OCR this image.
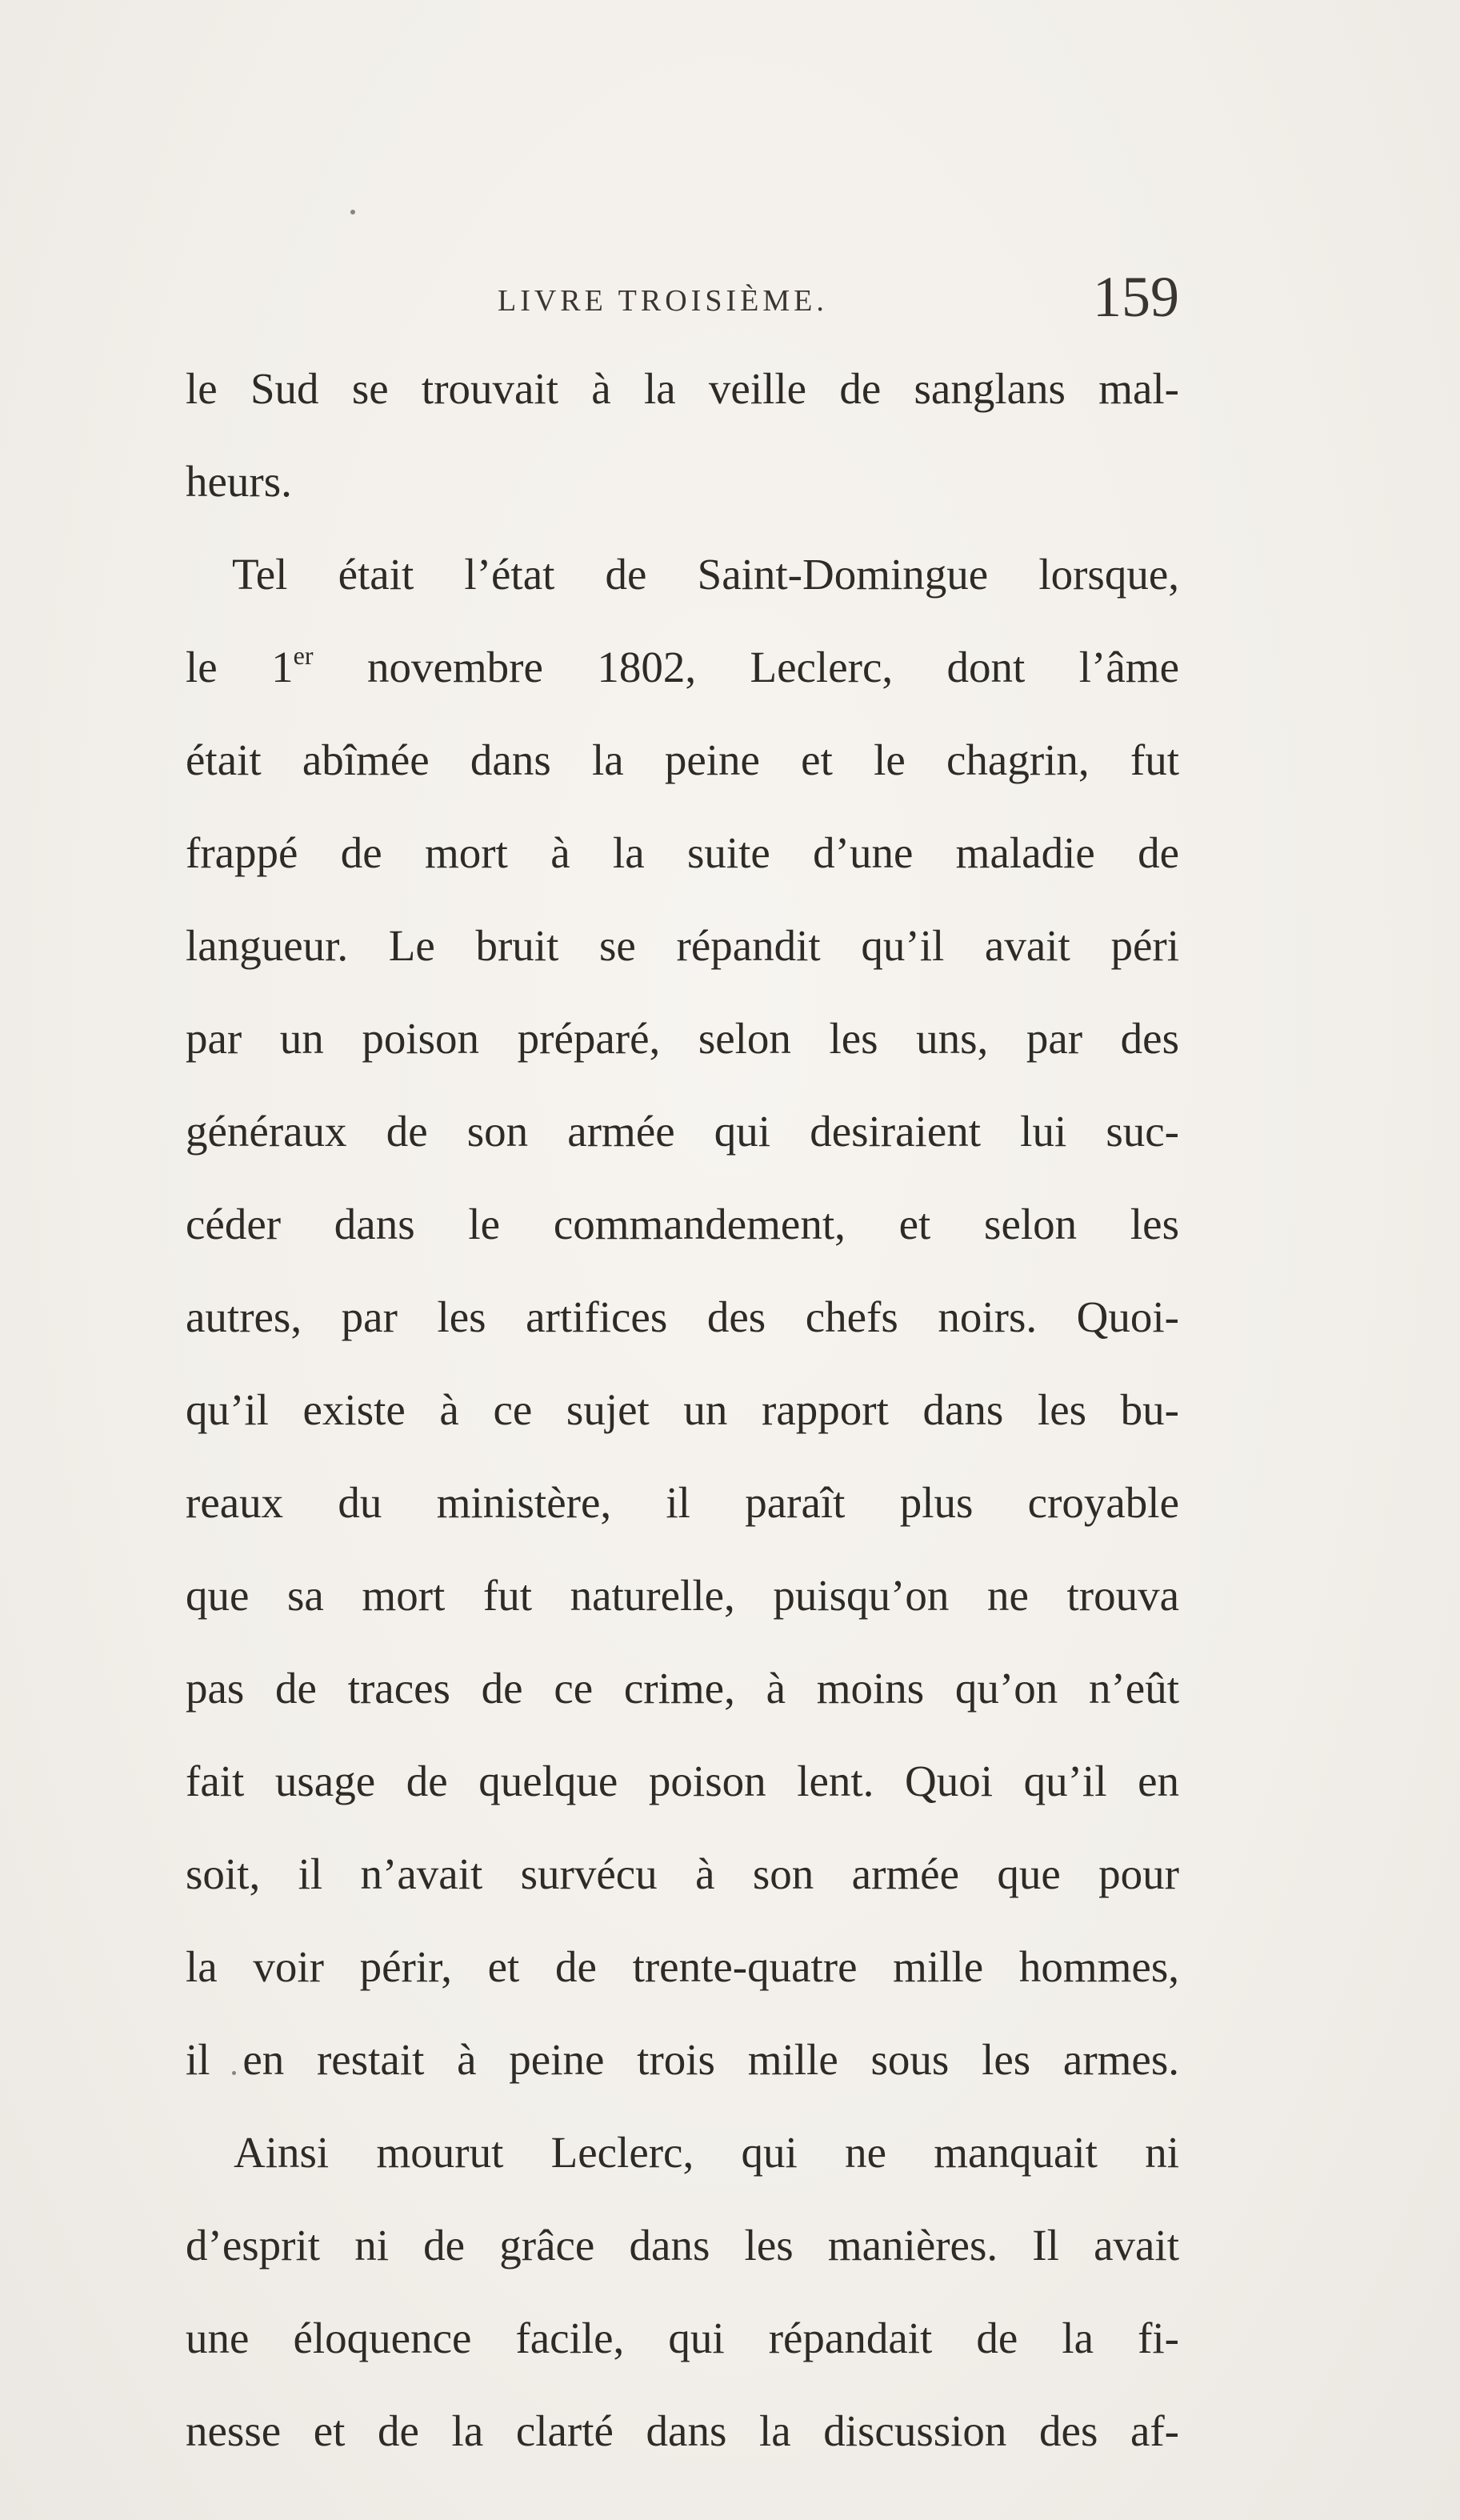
LIVRE TROISIÈME.	159
le Sud se trouvait à la veille de sanglans mal-
heurs.
Tel était l’état de Saint-Domingue lorsque,
le 1er novembre 1802, Leclerc, dont l’âme
était abîmée dans la peine et le chagrin, fut
frappé de mort à la suite d’une maladie de
langueur. Le bruit se répandit qu’il avait péri
par un poison préparé, selon les uns, par des
généraux de son armée qui desiraient lui suc-
céder dans le commandement, et selon les
autres, par les artifices des chefs noirs. Quoi-
qu’il existe à ce sujet un rapport dans les bu-
reaux du ministère, il paraît plus croyable
que sa mort fut naturelle, puisqu’on ne trouva
pas de traces de ce crime, à moins qu’on n’eût
fait usage de quelque poison lent. Quoi qu’il en
soit, il n’avait survécu à son armée que pour
la voir périr, et de trente-quatre mille hommes,
il en restait à peine trois mille sous les armes.
Ainsi mourut Leclerc, qui ne manquait ni
d’esprit ni de grâce dans les manières. Il avait
une éloquence facile, qui répandait de la fi-
nesse et de la clarté dans la discussion des af-
